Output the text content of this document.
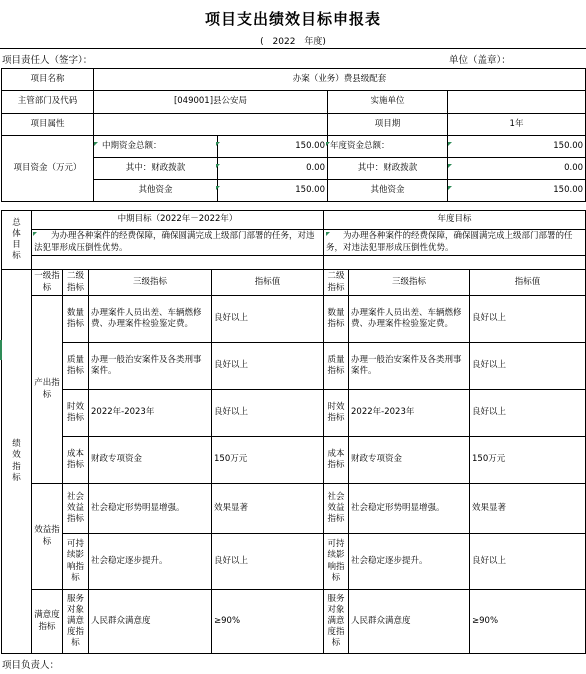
项目支出绩效目标申报表
( 2022 年度)
项目责任人（签字）：	单位（盖章）：
项目名称	办案（业务）费县级配套			
主管部门及代码	[049001]县公安局		实施单位	
项目属性			项目期	1年
项目资金（万元）	中期资金总额：	150.00	年度资金总额：	150.00
	其中：财政拨款	0.00	其中：财政拨款	0.00
	其他资金	150.00	其他资金	150.00
总体目标	中期目标（2022年－2022年）				年度目标		
	为办理各种案件的经费保障，确保圆满完成上级部门部署的任务，对违法犯罪形成压倒性优势。				为办理各种案件的经费保障，确保圆满完成上级部门部署的任务，对违法犯罪形成压倒性优势。		

绩效指标	一级指标	二级指标	三级指标	指标值	二级指标	三级指标	指标值
	产出指标	数量指标	办理案件人员出差、车辆燃修费、办理案件检验鉴定费。	良好以上	数量指标	办理案件人员出差、车辆燃修费、办理案件检验鉴定费。	良好以上
		质量指标	办理一般治安案件及各类刑事案件。	良好以上	质量指标	办理一般治安案件及各类刑事案件。	良好以上
		时效指标	2022年-2023年	良好以上	时效指标	2022年-2023年	良好以上
		成本指标	财政专项资金	150万元	成本指标	财政专项资金	150万元
	效益指标	社会效益指标	社会稳定形势明显增强。	效果显著	社会效益指标	社会稳定形势明显增强。	效果显著
		可持续影响指标	社会稳定逐步提升。	良好以上	可持续影响指标	社会稳定逐步提升。	良好以上
	满意度指标	服务对象满意度指标	人民群众满意度	≥90%	服务对象满意度指标	人民群众满意度	≥90%
项目负责人：
